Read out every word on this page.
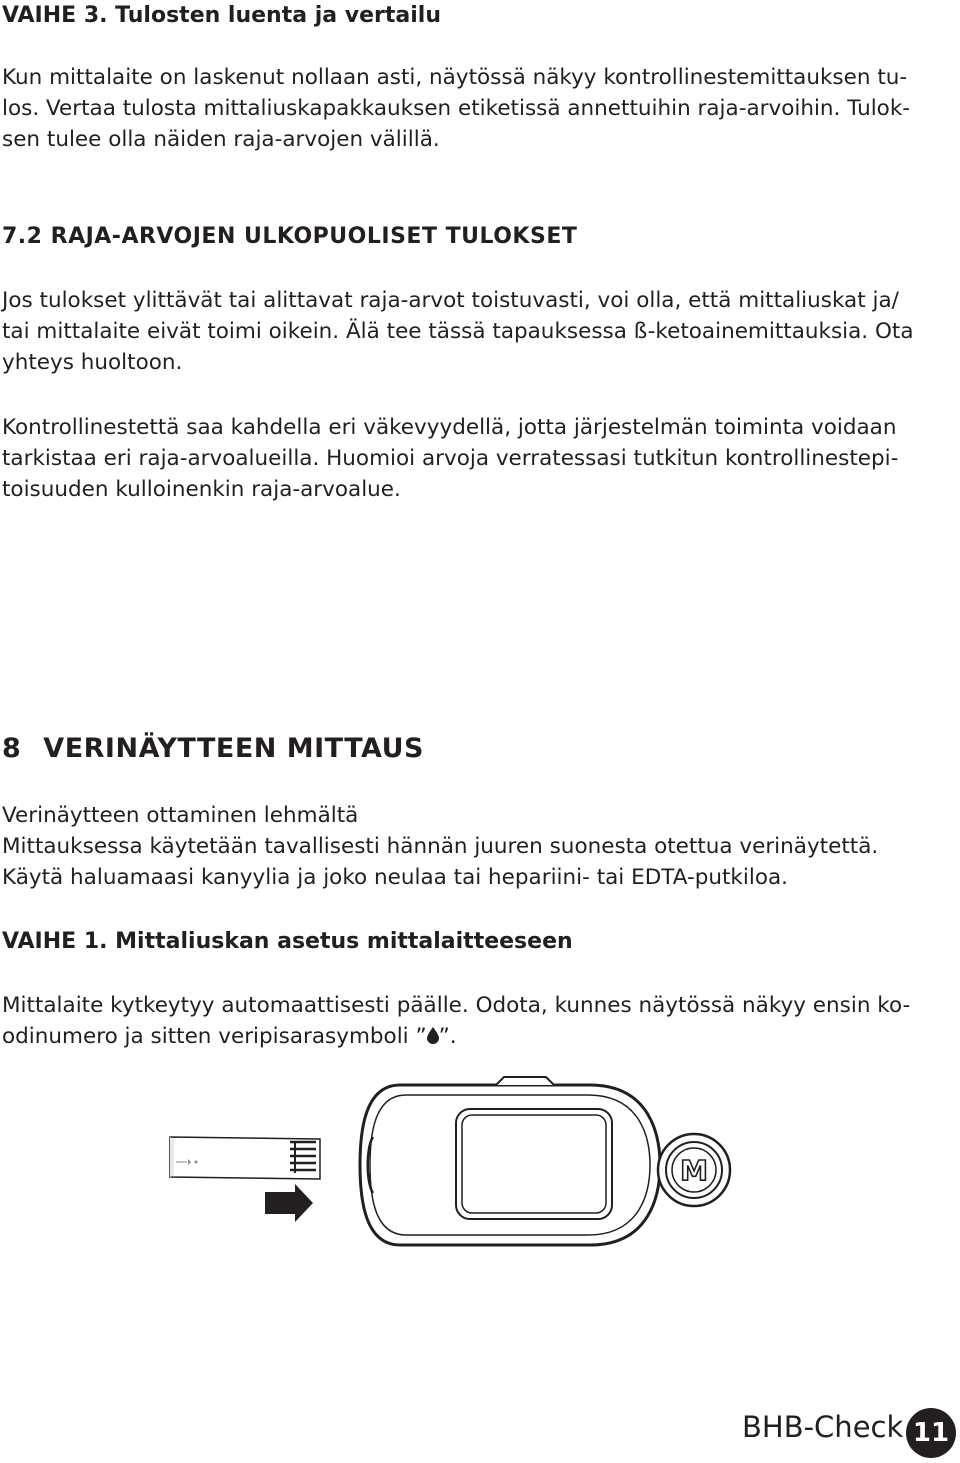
VAIHE 3. Tulosten luenta ja vertailu
Kun mittalaite on laskenut nollaan asti, näytössä näkyy kontrollinestemittauksen tu-
los. Vertaa tulosta mittaliuskapakkauksen etiketissä annettuihin raja-arvoihin. Tulok-
sen tulee olla näiden raja-arvojen välillä.
7.2 RAJA-ARVOJEN ULKOPUOLISET TULOKSET
Jos tulokset ylittävät tai alittavat raja-arvot toistuvasti, voi olla, että mittaliuskat ja/
tai mittalaite eivät toimi oikein. Älä tee tässä tapauksessa ß-ketoainemittauksia. Ota
yhteys huoltoon.
Kontrollinestettä saa kahdella eri väkevyydellä, jotta järjestelmän toiminta voidaan
tarkistaa eri raja-arvoalueilla. Huomioi arvoja verratessasi tutkitun kontrollinestepi-
toisuuden kulloinenkin raja-arvoalue.
8 VERINÄYTTEEN MITTAUS
Verinäytteen ottaminen lehmältä
Mittauksessa käytetään tavallisesti hännän juuren suonesta otettua verinäytettä.
Käytä haluamaasi kanyylia ja joko neulaa tai hepariini- tai EDTA-putkiloa.
VAIHE 1. Mittaliuskan asetus mittalaitteeseen
Mittalaite kytkeytyy automaattisesti päälle. Odota, kunnes näytössä näkyy ensin ko-
odinumero ja sitten veripisarasymboli ” ”.
M
BHB-Check 11
